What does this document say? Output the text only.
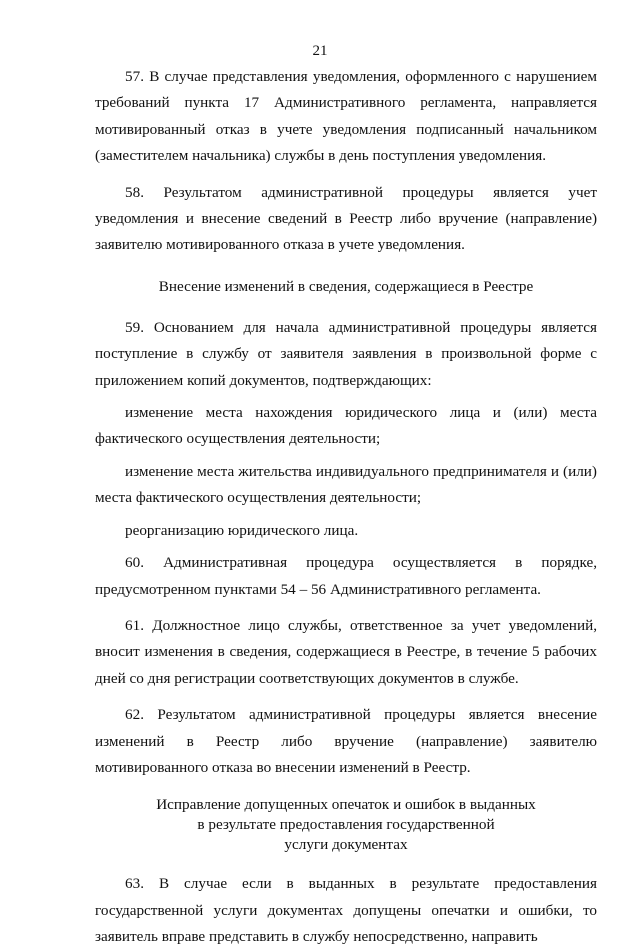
21

57. В случае представления уведомления, оформленного с нарушением требований пункта 17 Административного регламента, направляется мотивированный отказ в учете уведомления подписанный начальником (заместителем начальника) службы в день поступления уведомления.

58. Результатом административной процедуры является учет уведомления и внесение сведений в Реестр либо вручение (направление) заявителю мотивированного отказа в учете уведомления.

Внесение изменений в сведения, содержащиеся в Реестре

59. Основанием для начала административной процедуры является поступление в службу от заявителя заявления в произвольной форме с приложением копий документов, подтверждающих:

изменение места нахождения юридического лица и (или) места фактического осуществления деятельности;

изменение места жительства индивидуального предпринимателя и (или) места фактического осуществления деятельности;

реорганизацию юридического лица.

60. Административная процедура осуществляется в порядке, предусмотренном пунктами 54 – 56 Административного регламента.

61. Должностное лицо службы, ответственное за учет уведомлений, вносит изменения в сведения, содержащиеся в Реестре, в течение 5 рабочих дней со дня регистрации соответствующих документов в службе.

62. Результатом административной процедуры является внесение изменений в Реестр либо вручение (направление) заявителю мотивированного отказа во внесении изменений в Реестр.

Исправление допущенных опечаток и ошибок в выданных
в результате предоставления государственной
услуги документах

63. В случае если в выданных в результате предоставления государственной услуги документах допущены опечатки и ошибки, то заявитель вправе представить в службу непосредственно, направить
